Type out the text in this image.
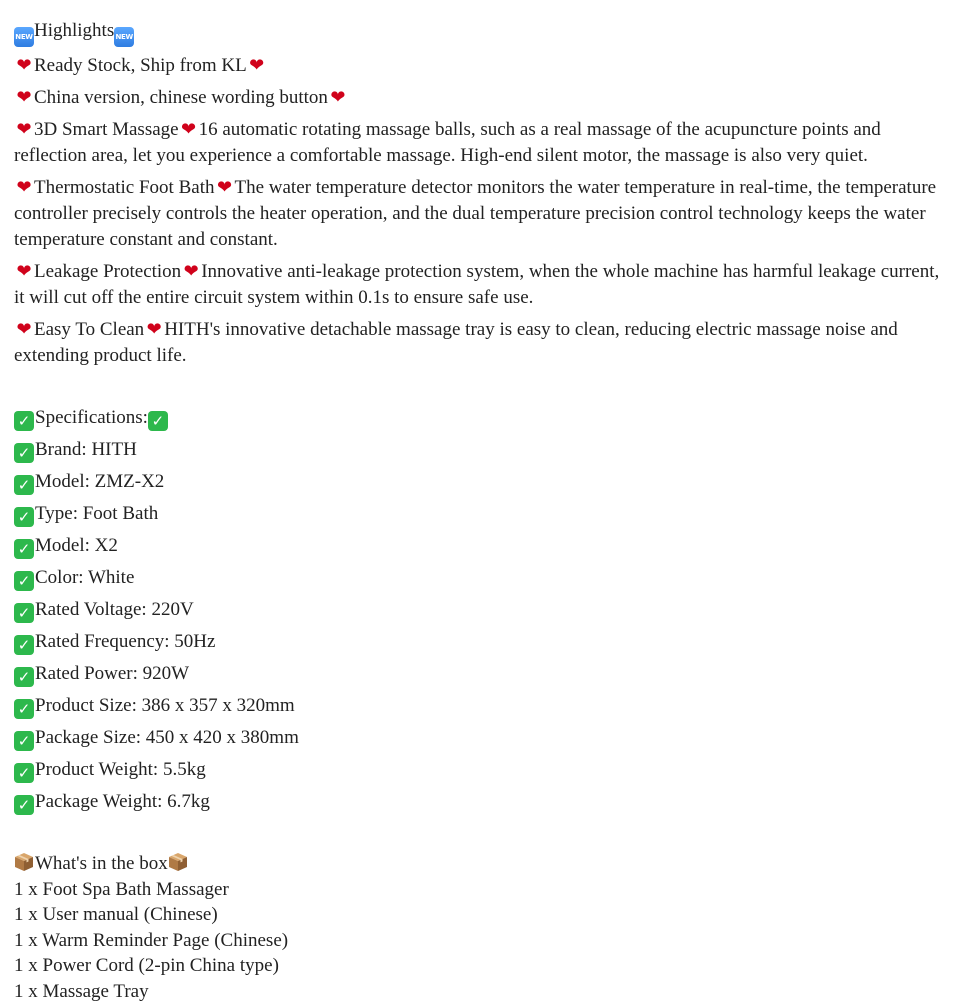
NEWHighlightsNEW
❤ Ready Stock, Ship from KL ❤
❤ China version, chinese wording button ❤
❤ 3D Smart Massage ❤ 16 automatic rotating massage balls, such as a real massage of the acupuncture points and reflection area, let you experience a comfortable massage. High-end silent motor, the massage is also very quiet.
❤ Thermostatic Foot Bath ❤ The water temperature detector monitors the water temperature in real-time, the temperature controller precisely controls the heater operation, and the dual temperature precision control technology keeps the water temperature constant and constant.
❤ Leakage Protection ❤ Innovative anti-leakage protection system, when the whole machine has harmful leakage current, it will cut off the entire circuit system within 0.1s to ensure safe use.
❤ Easy To Clean ❤ HITH's innovative detachable massage tray is easy to clean, reducing electric massage noise and extending product life.
✓ Specifications: ✓
✓ Brand: HITH
✓ Model: ZMZ-X2
✓ Type: Foot Bath
✓ Model: X2
✓ Color: White
✓ Rated Voltage: 220V
✓ Rated Frequency: 50Hz
✓ Rated Power: 920W
✓ Product Size: 386 x 357 x 320mm
✓ Package Size: 450 x 420 x 380mm
✓ Product Weight: 5.5kg
✓ Package Weight: 6.7kg
What's in the box
1 x Foot Spa Bath Massager
1 x User manual (Chinese)
1 x Warm Reminder Page (Chinese)
1 x Power Cord (2-pin China type)
1 x Massage Tray
